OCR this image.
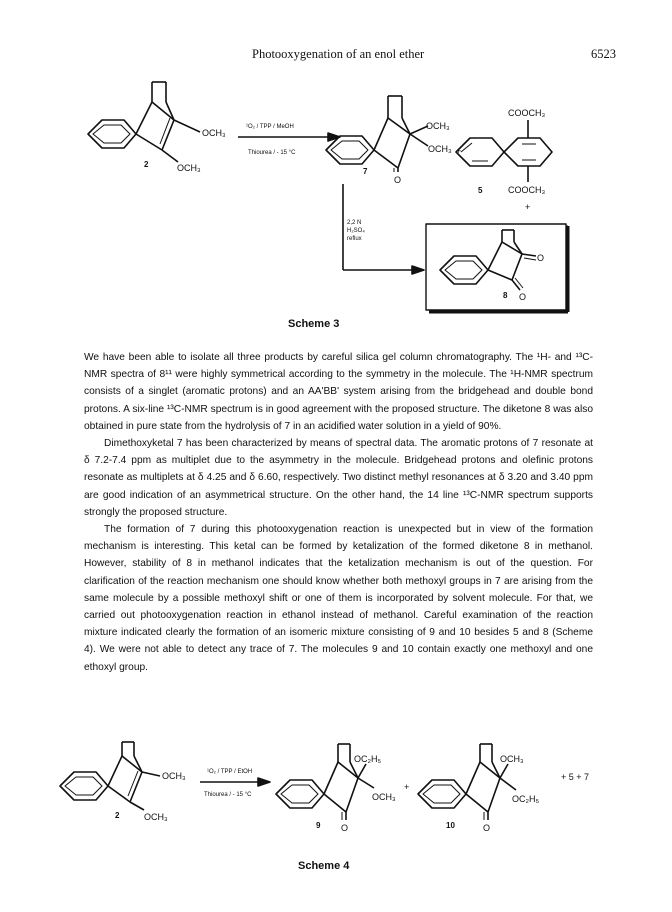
Photooxygenation of an enol ether	6523
OCH₃
OCH₃
2
¹O₂ / TPP / MeOH
Thiourea / - 15 °C
OCH₃
OCH₃
O
7
+
COOCH₃
COOCH₃
5
+
2,2 N
H₂SO₄
reflux
O
O
8
Scheme 3

We have been able to isolate all three products by careful silica gel column chromatography. The ¹H- and ¹³C-NMR spectra of 8¹¹ were highly symmetrical according to the symmetry in the molecule. The ¹H-NMR spectrum consists of a singlet (aromatic protons) and an AA'BB' system arising from the bridgehead and double bond protons. A six-line ¹³C-NMR spectrum is in good agreement with the proposed structure. The diketone 8 was also obtained in pure state from the hydrolysis of 7 in an acidified water solution in a yield of 90%.

Dimethoxyketal 7 has been characterized by means of spectral data. The aromatic protons of 7 resonate at δ 7.2-7.4 ppm as multiplet due to the asymmetry in the molecule. Bridgehead protons and olefinic protons resonate as multiplets at δ 4.25 and δ 6.60, respectively. Two distinct methyl resonances at δ 3.20 and 3.40 ppm are good indication of an asymmetrical structure. On the other hand, the 14 line ¹³C-NMR spectrum supports strongly the proposed structure.

The formation of 7 during this photooxygenation reaction is unexpected but in view of the formation mechanism is interesting. This ketal can be formed by ketalization of the formed diketone 8 in methanol. However, stability of 8 in methanol indicates that the ketalization mechanism is out of the question. For clarification of the reaction mechanism one should know whether both methoxyl groups in 7 are arising from the same molecule by a possible methoxyl shift or one of them is incorporated by solvent molecule. For that, we carried out photooxygenation reaction in ethanol instead of methanol. Careful examination of the reaction mixture indicated clearly the formation of an isomeric mixture consisting of 9 and 10 besides 5 and 8 (Scheme 4). We were not able to detect any trace of 7. The molecules 9 and 10 contain exactly one methoxyl and one ethoxyl group.

OCH₃
OCH₃
2
¹O₂ / TPP / EtOH
Thiourea / - 15 °C
OC₂H₅
OCH₃
O
9
+
OCH₃
OC₂H₅
O
10
+ 5 + 7
Scheme 4
